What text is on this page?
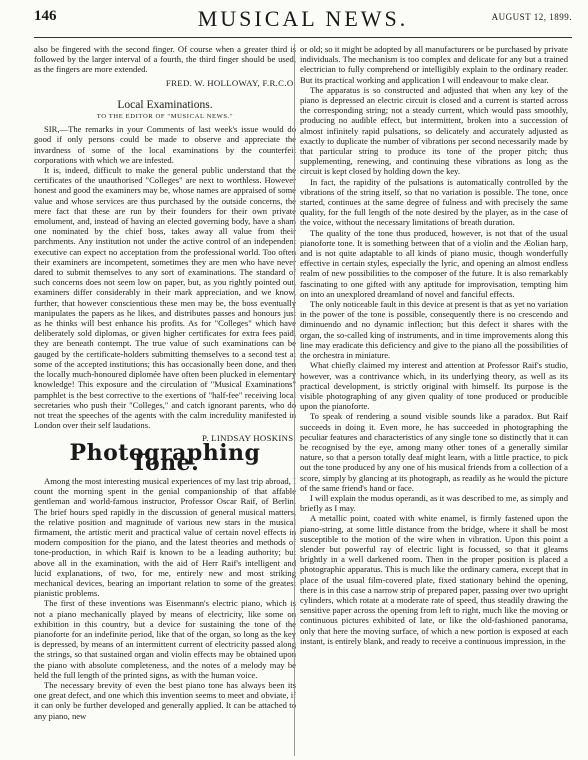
146	MUSICAL NEWS.	AUGUST 12, 1899.

also be fingered with the second finger. Of course when a greater third is followed by the larger interval of a fourth, the third finger should be used, as the fingers are more extended.

FRED. W. HOLLOWAY, F.R.C.O.
Local Examinations.
TO THE EDITOR OF "MUSICAL NEWS."

SIR,—The remarks in your Comments of last week's issue would do good if only persons could be made to observe and appreciate the invardness of some of the local examinations by the counterfeit corporations with which we are infested.

It is, indeed, difficult to make the general public understand that the certificates of the unauthorised "Colleges" are next to worthless. However honest and good the examiners may be, whose names are appraised of some value and whose services are thus purchased by the outside concerns, the mere fact that these are run by their founders for their own private emolument, and, instead of having an elected governing body, have a sham one nominated by the chief boss, takes away all value from their parchments. Any institution not under the active control of an independent executive can expect no acceptation from the professional world. Too often their examiners are incompetent, sometimes they are men who have never dared to submit themselves to any sort of examinations. The standard of such concerns does not seem low on paper, but, as you rightly pointed out, examiners differ considerably in their mark appreciation, and we know, further, that however conscientious these men may be, the boss eventually manipulates the papers as he likes, and distributes passes and honours just as he thinks will best enhance his profits. As for "Colleges" which have deliberately sold diplomas, or given higher certificates for extra fees paid, they are beneath contempt. The true value of such examinations can be gauged by the certificate-holders submitting themselves to a second test at some of the accepted institutions; this has occasionally been done, and then the locally much-honoured diplomée have often been plucked in elementary knowledge! This exposure and the circulation of "Musical Examinations" pamphlet is the best corrective to the exertions of "half-fee" receiving local secretaries who push their "Colleges," and catch ignorant parents, who do not treat the speeches of the agents with the calm incredulity manifested in London over their self laudations.

P. LINDSAY HOSKINS.
Photographing Tone.

Among the most interesting musical experiences of my last trip abroad, I count the morning spent in the genial companionship of that affable gentleman and world-famous instructor, Professor Oscar Raif, of Berlin. The brief hours sped rapidly in the discussion of general musical matters, the relative position and magnitude of various new stars in the musical firmament, the artistic merit and practical value of certain novel effects in modern composition for the piano, and the latest theories and methods of tone-production, in which Raif is known to be a leading authority; but above all in the examination, with the aid of Herr Raif's intelligent and lucid explanations, of two, for me, entirely new and most striking mechanical devices, bearing an important relation to some of the greatest pianistic problems.

The first of these inventions was Eisenmann's electric piano, which is not a piano mechanically played by means of electricity, like some on exhibition in this country, but a device for sustaining the tone of the pianoforte for an indefinite period, like that of the organ, so long as the key is depressed, by means of an intermittent current of electricity passed along the strings, so that sustained organ and violin effects may be obtained upon the piano with absolute completeness, and the notes of a melody may be held the full length of the printed signs, as with the human voice.

The necessary brevity of even the best piano tone has always been its one great defect, and one which this invention seems to meet and obviate, if it can only be further developed and generally applied. It can be attached to any piano, new

or old; so it might be adopted by all manufacturers or be purchased by private individuals. The mechanism is too complex and delicate for any but a trained electrician to fully comprehend or intelligibly explain to the ordinary reader. But its practical working and application I will endeavour to make clear.

The apparatus is so constructed and adjusted that when any key of the piano is depressed an electric circuit is closed and a current is started across the corresponding string; not a steady current, which would pass smoothly, producing no audible effect, but intermittent, broken into a succession of almost infinitely rapid pulsations, so delicately and accurately adjusted as exactly to duplicate the number of vibrations per second necessarily made by that particular string to produce its tone of the proper pitch; thus supplementing, renewing, and continuing these vibrations as long as the circuit is kept closed by holding down the key.

In fact, the rapidity of the pulsations is automatically controlled by the vibrations of the string itself, so that no variation is possible. The tone, once started, continues at the same degree of fulness and with precisely the same quality, for the full length of the note desired by the player, as in the case of the voice, without the necessary limitations of breath duration.

The quality of the tone thus produced, however, is not that of the usual pianoforte tone. It is something between that of a violin and the Æolian harp, and is not quite adaptable to all kinds of piano music, though wonderfully effective in certain styles, especially the lyric, and opening an almost endless realm of new possibilities to the composer of the future. It is also remarkably fascinating to one gifted with any aptitude for improvisation, tempting him on into an unexplored dreamland of novel and fanciful effects.

The only noticeable fault in this device at present is that as yet no variation in the power of the tone is possible, consequently there is no crescendo and diminuendo and no dynamic inflection; but this defect it shares with the organ, the so-called king of instruments, and in time improvements along this line may eradicate this deficiency and give to the piano all the possibilities of the orchestra in miniature.

What chiefly claimed my interest and attention at Professor Raif's studio, however, was a contrivance which, in its underlying theory, as well as its practical development, is strictly original with himself. Its purpose is the visible photographing of any given quality of tone produced or producible upon the pianoforte.

To speak of rendering a sound visible sounds like a paradox. But Raif succeeds in doing it. Even more, he has succeeded in photographing the peculiar features and characteristics of any single tone so distinctly that it can be recognised by the eye, among many other tones of a generally similar nature, so that a person totally deaf might learn, with a little practice, to pick out the tone produced by any one of his musical friends from a collection of a score, simply by glancing at its photograph, as readily as he would the picture of the same friend's hand or face.

I will explain the modus operandi, as it was described to me, as simply and briefly as I may.

A metallic point, coated with white enamel, is firmly fastened upon the piano-string, at some little distance from the bridge, where it shall be most susceptible to the motion of the wire when in vibration. Upon this point a slender but powerful ray of electric light is focussed, so that it gleams brightly in a well darkened room. Then in the proper position is placed a photographic apparatus. This is much like the ordinary camera, except that in place of the usual film-covered plate, fixed stationary behind the opening, there is in this case a narrow strip of prepared paper, passing over two upright cylinders, which rotate at a moderate rate of speed, thus steadily drawing the sensitive paper across the opening from left to right, much like the moving or continuous pictures exhibited of late, or like the old-fashioned panorama, only that here the moving surface, of which a new portion is exposed at each instant, is entirely blank, and ready to receive a continuous impression, in the
